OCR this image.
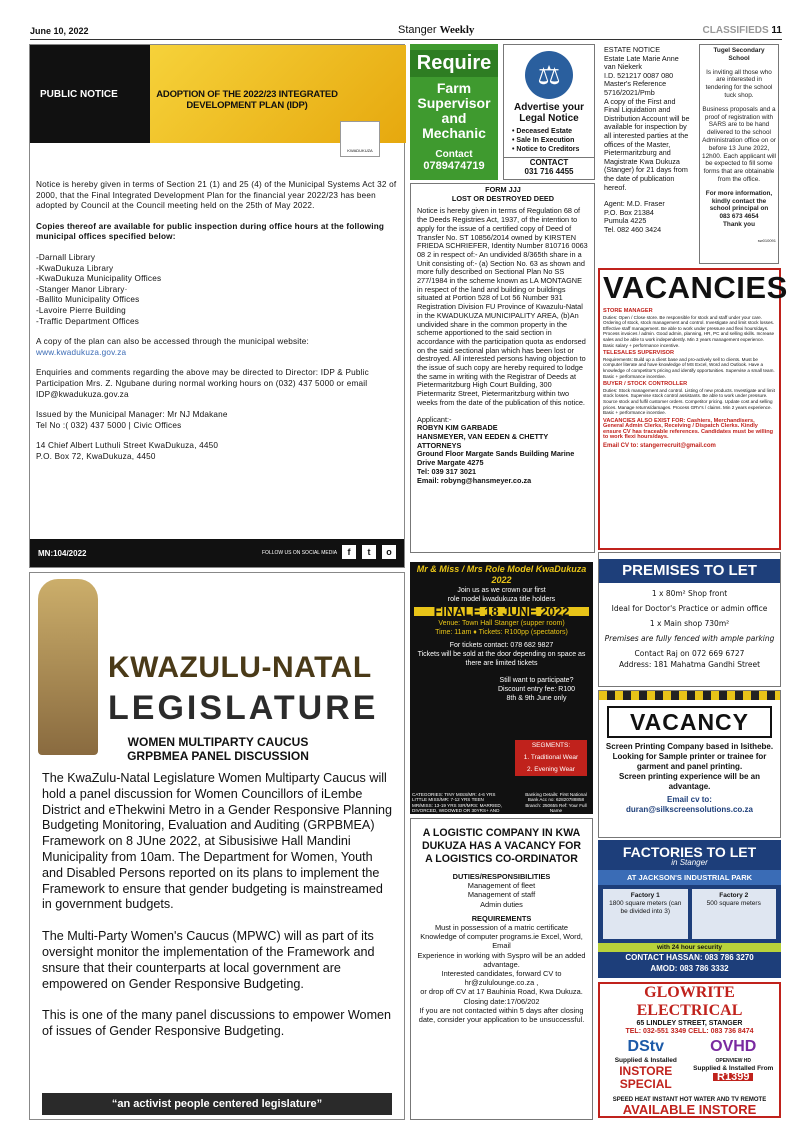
June 10, 2022	Stanger Weekly	CLASSIFIEDS 11
PUBLIC NOTICE	ADOPTION OF THE 2022/23 INTEGRATED DEVELOPMENT PLAN (IDP)
KWADUKUZA

Notice is hereby given in terms of Section 21 (1) and 25 (4) of the Municipal Systems Act 32 of 2000, that the Final Integrated Development Plan for the financial year 2022/23 has been adopted by Council at the Council meeting held on the 25th of May 2022.

Copies thereof are available for public inspection during office hours at the following municipal offices specified below:

-Darnall Library
-KwaDukuza Library
-KwaDukuza Municipality Offices
-Stanger Manor Library·
-Ballito Municipality Offices
-Lavoire Pierre Building
-Traffic Department Offices

A copy of the plan can also be accessed through the municipal website:

www.kwadukuza.gov.za

Enquiries and comments regarding the above may be directed to Director: IDP & Public Participation Mrs. Z. Ngubane during normal working hours on (032) 437 5000 or email IDP@kwadukuza.gov.za

Issued by the Municipal Manager: Mr NJ Mdakane

Tel No :( 032) 437 5000 | Civic Offices

14 Chief Albert Luthuli Street KwaDukuza, 4450
P.O. Box 72, KwaDukuza, 4450
MN:104/2022	FOLLOW US ON SOCIAL MEDIA	f	t	o
Require
Farm Supervisor and Mechanic
Contact
0789474719
⚖
Advertise your Legal Notice
• Deceased Estate
• Sale In Execution
• Notice to Creditors
CONTACT
031 716 4455

ESTATE NOTICE

Estate Late Marie Anne van Niekerk

I.D. 521217 0087 080

Master's Reference 5716/2021/Pmb

A copy of the First and Final Liquidation and Distribution Account will be available for inspection by all interested parties at the offices of the Master, Pietermaritzburg and Magistrate Kwa Dukuza (Stanger) for 21 days from the date of publication hereof.

Agent: M.D. Fraser

P.O. Box 21384

Pumula 4225

Tel. 082 460 3424

Tugel Secondary School
Is inviting all those who are interested in tendering for the school tuck shop.
Business proposals and a proof of registration with SARS are to be hand delivered to the school Administration office on or before 13 June 2022, 12h00. Each applicant will be expected to fill some forms that are obtainable from the office.
For more information, kindly contact the school principal on
083 673 4654
Thank you
sw010091
FORM JJJ
LOST OR DESTROYED DEED
Notice is hereby given in terms of Regulation 68 of the Deeds Registries Act, 1937, of the intention to apply for the issue of a certified copy of Deed of Transfer No. ST 10856/2014 owned by KIRSTEN FRIEDA SCHRIEFER, Identity Number 810716 0063 08 2 in respect of:- An undivided 8/365th share in a Unit consisting of:- (a) Section No. 63 as shown and more fully described on Sectional Plan No SS 277/1984 in the scheme known as LA MONTAGNE in respect of the land and building or buildings situated at Portion 528 of Lot 56 Number 931 Registration Division FU Province of Kwazulu-Natal in the KWADUKUZA MUNICIPALITY AREA, (b)An undivided share in the common property in the scheme apportioned to the said section in accordance with the participation quota as endorsed on the said sectional plan which has been lost or destroyed. All interested persons having objection to the issue of such copy are hereby required to lodge the same in writing with the Registrar of Deeds at Pietermaritzburg High Court Building, 300 Pietermaritz Street, Pietermaritzburg within two weeks from the date of the publication of this notice.
Applicant:-
ROBYN KIM GARBADE
HANSMEYER, VAN EEDEN & CHETTY ATTORNEYS
Ground Floor Margate Sands Building Marine Drive Margate 4275
Tel: 039 317 3021
Email: robyng@hansmeyer.co.za
VACANCIES
STORE MANAGER
Duties: Open / Close store. Be responsible for stock and staff under your care. Ordering of stock, stock management and control. Investigate and limit stock losses. Effective staff management. Be able to work under pressure and flexi hours/days. Process invoices / admin. Good admin, planning, HR, PC and selling skills. Increase sales and be able to work independently. Min 3 years management experience. Basic salary + performance incentive.
TELESALES SUPERVISOR
Requirements: Build up a client base and pro-actively sell to clients. Must be computer literate and have knowledge of MS Excel, Word and Outlook. Have a knowledge of competitor's pricing and identify opportunities. Supervise a small team. Basic + performance incentive.
BUYER / STOCK CONTROLLER
Duties: Stock management and control. Listing of new products. Investigate and limit stock losses. Supervise stock control assistants. Be able to work under pressure. Source stock and fulfil customer orders. Competitor pricing. Update cost and selling prices. Manage returns/damages. Process GRV's / claims. Min 2 years experience. Basic + performance incentive.
VACANCIES ALSO EXIST FOR: Cashiers, Merchandisers, General Admin Clerks, Receiving / Dispatch Clerks. Kindly ensure CV has traceable references. Candidates must be willing to work flexi hours/days.
Email CV to: stangerrecruit@gmail.com
PREMISES TO LET
1 x 80m² Shop front
Ideal for Doctor's Practice or admin office
1 x Main shop 730m²
Premises are fully fenced with ample parking
Contact Raj on 072 669 6727
Address: 181 Mahatma Gandhi Street
VACANCY
Screen Printing Company based in Isithebe.
Looking for Sample printer or trainee for garment and panel printing.
Screen printing experience will be an advantage.
Email cv to:
duran@silkscreensolutions.co.za
FACTORIES TO LET
in Stanger
AT JACKSON'S INDUSTRIAL PARK
Factory 1
1800 square meters (can be divided into 3)
Factory 2
500 square meters
with 24 hour security
CONTACT HASSAN: 083 786 3270
AMOD: 083 786 3332
GLOWRITE ELECTRICAL
65 LINDLEY STREET, STANGER
TEL: 032-551 3349 CELL: 083 736 8474
DStv
Supplied & Installed
INSTORE SPECIAL
OVHD
OPENVIEW HD
Supplied & Installed From
R1399
SPEED HEAT INSTANT HOT WATER AND TV REMOTE
AVAILABLE INSTORE
KWAZULU-NATAL
LEGISLATURE
WOMEN MULTIPARTY CAUCUS
GRPBMEA PANEL DISCUSSION

The KwaZulu-Natal Legislature Women Multiparty Caucus will hold a panel discussion for Women Councillors of iLembe District and eThekwini Metro in a Gender Responsive Planning Budgeting Monitoring, Evaluation and Auditing (GRPBMEA) Framework on 8 JUne 2022, at Sibusisiwe Hall Mandini Municipality from 10am. The Department for Women, Youth and Disabled Persons reported on its plans to implement the Framework to ensure that gender budgeting is mainstreamed in government budgets.

The Multi-Party Women's Caucus (MPWC) will as part of its oversight monitor the implementation of the Framework and snsure that their counterparts at local government are empowered on Gender Responsive Budgeting.

This is one of the many panel discussions to empower Women of issues of Gender Responsive Budgeting.

“an activist people centered legislature”
Mr & Miss / Mrs Role Model KwaDukuza 2022
Join us as we crown our first
role model kwadukuza title holders
FINALE 18 JUNE 2022
Venue: Town Hall Stanger (supper room)
Time: 11am ♦ Tickets: R100pp (spectators)
For tickets contact: 078 682 9827
Tickets will be sold at the door depending on space as there are limited tickets
Still want to participate?
Discount entry fee: R100
8th & 9th June only
SEGMENTS:
1. Traditional Wear
2. Evening Wear
CATEGORIES: TINY MISS/MR: 4-6 YRS LITTLE MISS/MR: 7-12 YRS TEEN MR/MISS: 13-19 YRS SIR/MRS: MARRIED, DIVORCED, WIDOWED OR 30YRS+ AND SINGLE
Banking Details: First National Bank Acc no: 62820788858 Branch: 250655 Ref: Your Full Name
A LOGISTIC COMPANY IN KWA DUKUZA HAS A VACANCY FOR A LOGISTICS CO-ORDINATOR
DUTIES/RESPONSIBILITIES
Management of fleet
Management of staff
Admin duties
REQUIREMENTS
Must in possession of a matric certificate
Knowledge of computer programs.ie Excel, Word, Email
Experience in working with Syspro will be an added advantage.
Interested candidates, forward CV to hr@zululounge.co.za ,
or drop off CV at 17 Bauhinia Road, Kwa Dukuza.
Closing date:17/06/202
If you are not contacted within 5 days after closing date, consider your application to be unsuccessful.
